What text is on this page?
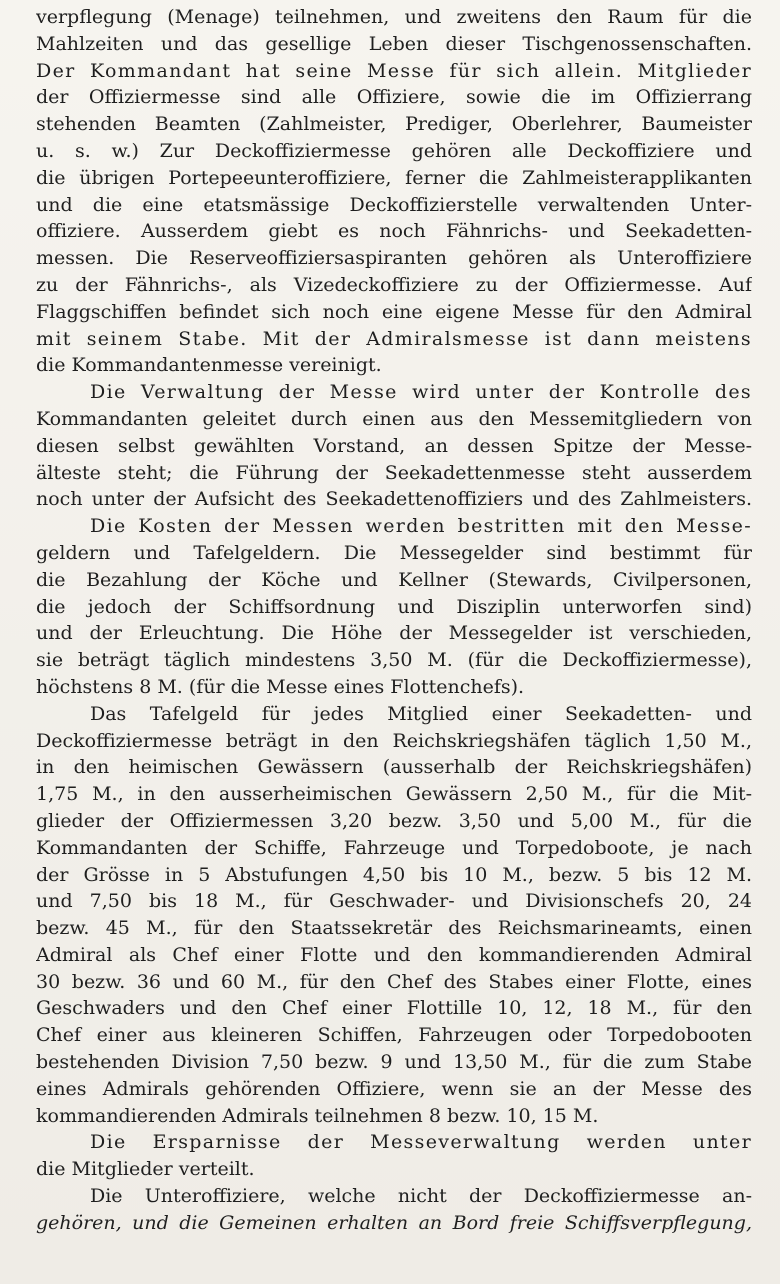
verpflegung (Menage) teilnehmen, und zweitens den Raum für die
Mahlzeiten und das gesellige Leben dieser Tischgenossenschaften.
Der Kommandant hat seine Messe für sich allein. Mitglieder
der Offiziermesse sind alle Offiziere, sowie die im Offizierrang
stehenden Beamten (Zahlmeister, Prediger, Oberlehrer, Baumeister
u. s. w.) Zur Deckoffiziermesse gehören alle Deckoffiziere und
die übrigen Portepeeunteroffiziere, ferner die Zahlmeisterapplikanten
und die eine etatsmässige Deckoffizierstelle verwaltenden Unter-
offiziere. Ausserdem giebt es noch Fähnrichs- und Seekadetten-
messen. Die Reserveoffiziersaspiranten gehören als Unteroffiziere
zu der Fähnrichs-, als Vizedeckoffiziere zu der Offiziermesse. Auf
Flaggschiffen befindet sich noch eine eigene Messe für den Admiral
mit seinem Stabe. Mit der Admiralsmesse ist dann meistens
die Kommandantenmesse vereinigt.
Die Verwaltung der Messe wird unter der Kontrolle des
Kommandanten geleitet durch einen aus den Messemitgliedern von
diesen selbst gewählten Vorstand, an dessen Spitze der Messe-
älteste steht; die Führung der Seekadettenmesse steht ausserdem
noch unter der Aufsicht des Seekadettenoffiziers und des Zahlmeisters.
Die Kosten der Messen werden bestritten mit den Messe-
geldern und Tafelgeldern. Die Messegelder sind bestimmt für
die Bezahlung der Köche und Kellner (Stewards, Civilpersonen,
die jedoch der Schiffsordnung und Disziplin unterworfen sind)
und der Erleuchtung. Die Höhe der Messegelder ist verschieden,
sie beträgt täglich mindestens 3,50 M. (für die Deckoffiziermesse),
höchstens 8 M. (für die Messe eines Flottenchefs).
Das Tafelgeld für jedes Mitglied einer Seekadetten- und
Deckoffiziermesse beträgt in den Reichskriegshäfen täglich 1,50 M.,
in den heimischen Gewässern (ausserhalb der Reichskriegshäfen)
1,75 M., in den ausserheimischen Gewässern 2,50 M., für die Mit-
glieder der Offiziermessen 3,20 bezw. 3,50 und 5,00 M., für die
Kommandanten der Schiffe, Fahrzeuge und Torpedoboote, je nach
der Grösse in 5 Abstufungen 4,50 bis 10 M., bezw. 5 bis 12 M.
und 7,50 bis 18 M., für Geschwader- und Divisionschefs 20, 24
bezw. 45 M., für den Staatssekretär des Reichsmarineamts, einen
Admiral als Chef einer Flotte und den kommandierenden Admiral
30 bezw. 36 und 60 M., für den Chef des Stabes einer Flotte, eines
Geschwaders und den Chef einer Flottille 10, 12, 18 M., für den
Chef einer aus kleineren Schiffen, Fahrzeugen oder Torpedobooten
bestehenden Division 7,50 bezw. 9 und 13,50 M., für die zum Stabe
eines Admirals gehörenden Offiziere, wenn sie an der Messe des
kommandierenden Admirals teilnehmen 8 bezw. 10, 15 M.
Die Ersparnisse der Messeverwaltung werden unter
die Mitglieder verteilt.
Die Unteroffiziere, welche nicht der Deckoffiziermesse an-
gehören, und die Gemeinen erhalten an Bord freie Schiffsverpflegung,
